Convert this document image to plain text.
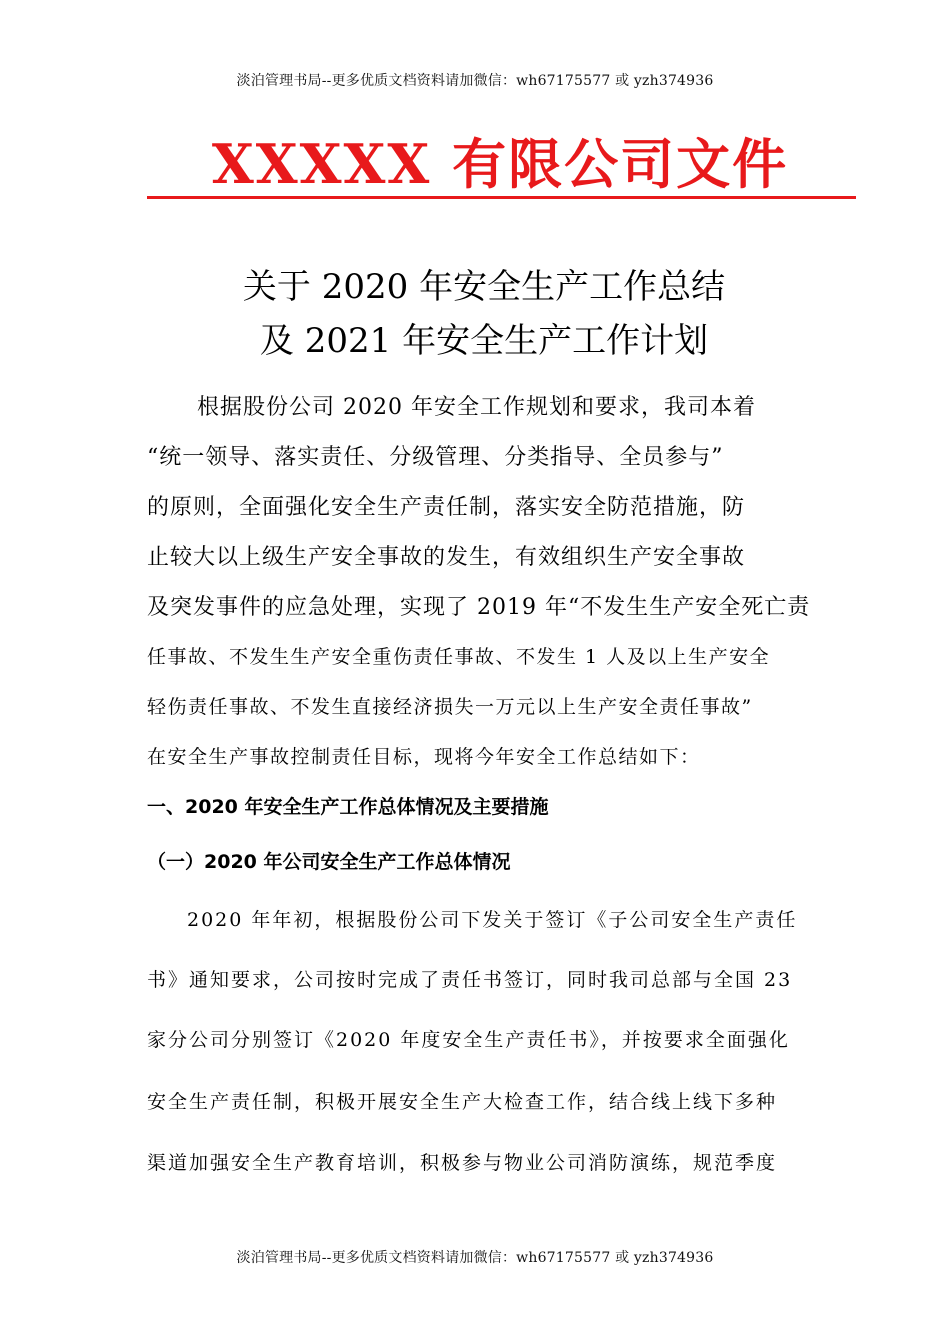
淡泊管理书局--更多优质文档资料请加微信：wh67175577 或 yzh374936
XXXXX 有限公司文件
关于 2020 年安全生产工作总结
及 2021 年安全生产工作计划
根据股份公司 2020 年安全工作规划和要求，我司本着
“统一领导、落实责任、分级管理、分类指导、全员参与”
的原则，全面强化安全生产责任制，落实安全防范措施，防
止较大以上级生产安全事故的发生，有效组织生产安全事故
及突发事件的应急处理，实现了 2019 年“不发生生产安全死亡责
任事故、不发生生产安全重伤责任事故、不发生 1 人及以上生产安全
轻伤责任事故、不发生直接经济损失一万元以上生产安全责任事故”
在安全生产事故控制责任目标，现将今年安全工作总结如下：
一、2020 年安全生产工作总体情况及主要措施
（一）2020 年公司安全生产工作总体情况
2020 年年初，根据股份公司下发关于签订《子公司安全生产责任
书》通知要求，公司按时完成了责任书签订，同时我司总部与全国 23
家分公司分别签订《2020 年度安全生产责任书》，并按要求全面强化
安全生产责任制，积极开展安全生产大检查工作，结合线上线下多种
渠道加强安全生产教育培训，积极参与物业公司消防演练，规范季度
淡泊管理书局--更多优质文档资料请加微信：wh67175577 或 yzh374936
